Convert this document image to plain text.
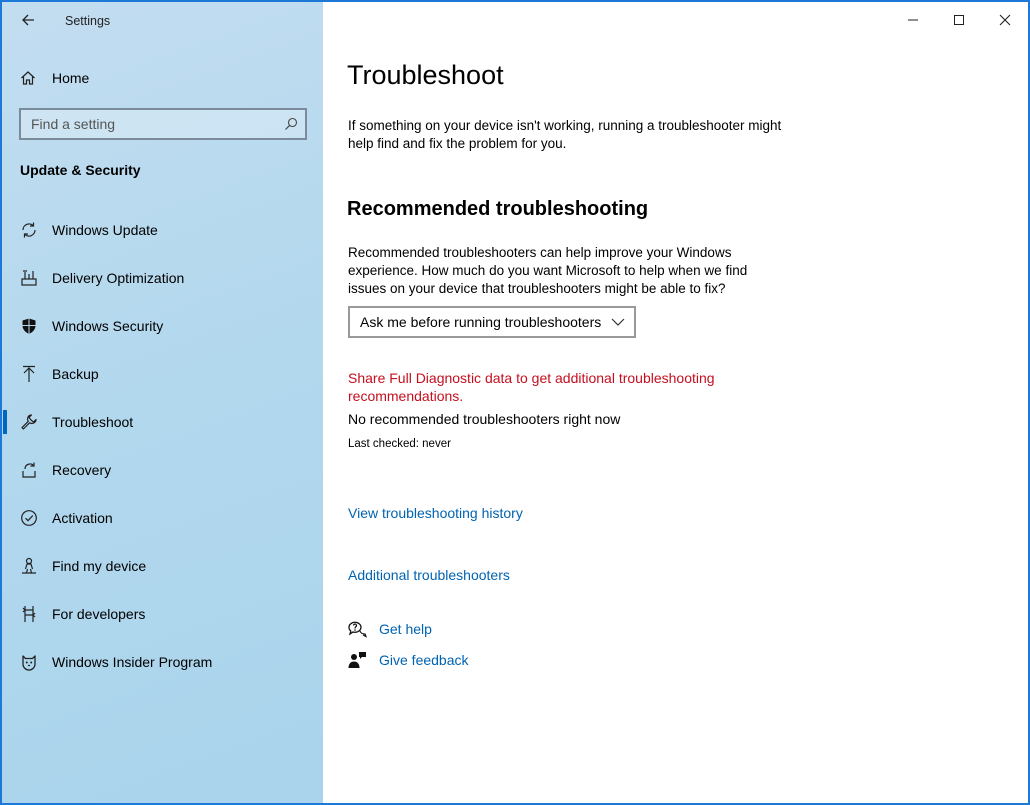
Settings
Home
Find a setting
Update & Security
Windows Update
Delivery Optimization
Windows Security
Backup
Troubleshoot
Recovery
Activation
Find my device
For developers
Windows Insider Program
Troubleshoot

If something on your device isn't working, running a troubleshooter might help find and fix the problem for you.

Recommended troubleshooting

Recommended troubleshooters can help improve your Windows experience. How much do you want Microsoft to help when we find issues on your device that troubleshooters might be able to fix?

Ask me before running troubleshooters
Share Full Diagnostic data to get additional troubleshooting recommendations.
No recommended troubleshooters right now
Last checked: never
View troubleshooting history
Additional troubleshooters
Get help
Give feedback
